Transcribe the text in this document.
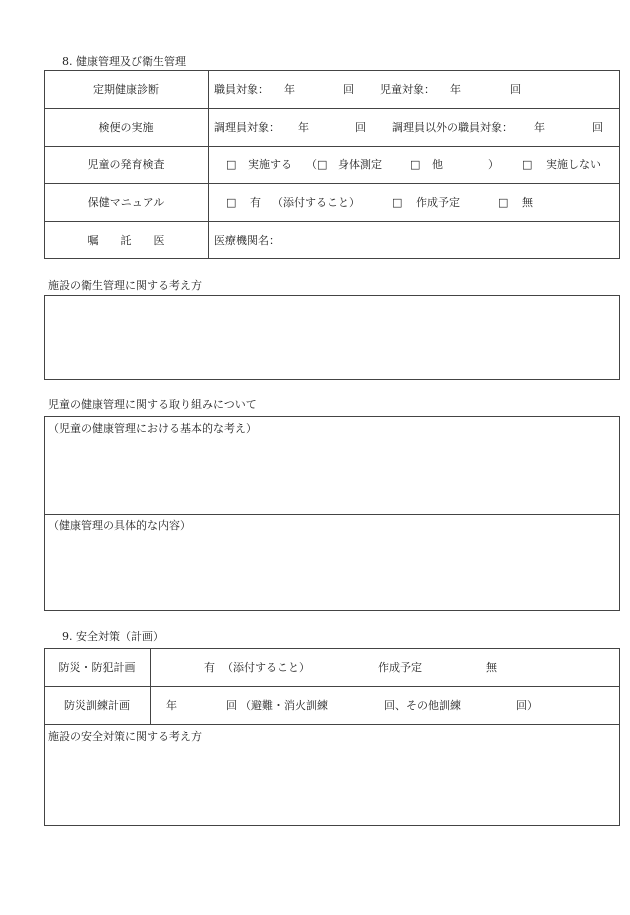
8. 健康管理及び衛生管理
定期健康診断	職員対象： 年	回 児童対象： 年	回
検便の実施	調理員対象： 年	回 調理員以外の職員対象： 年	回
児童の発育検査	□ 実施する （□ 身体測定	□ 他	） □ 実施しない
保健マニュアル	□ 有 （添付すること）	□ 作成予定	□ 無
嘱　　託　　医	医療機関名：
施設の衛生管理に関する考え方
児童の健康管理に関する取り組みについて
（児童の健康管理における基本的な考え）
（健康管理の具体的な内容）
9. 安全対策（計画）
防災・防犯計画	有 （添付すること）	作成予定	無
防災訓練計画	年	回 （避難・消火訓練	回、その他訓練	回）
施設の安全対策に関する考え方
